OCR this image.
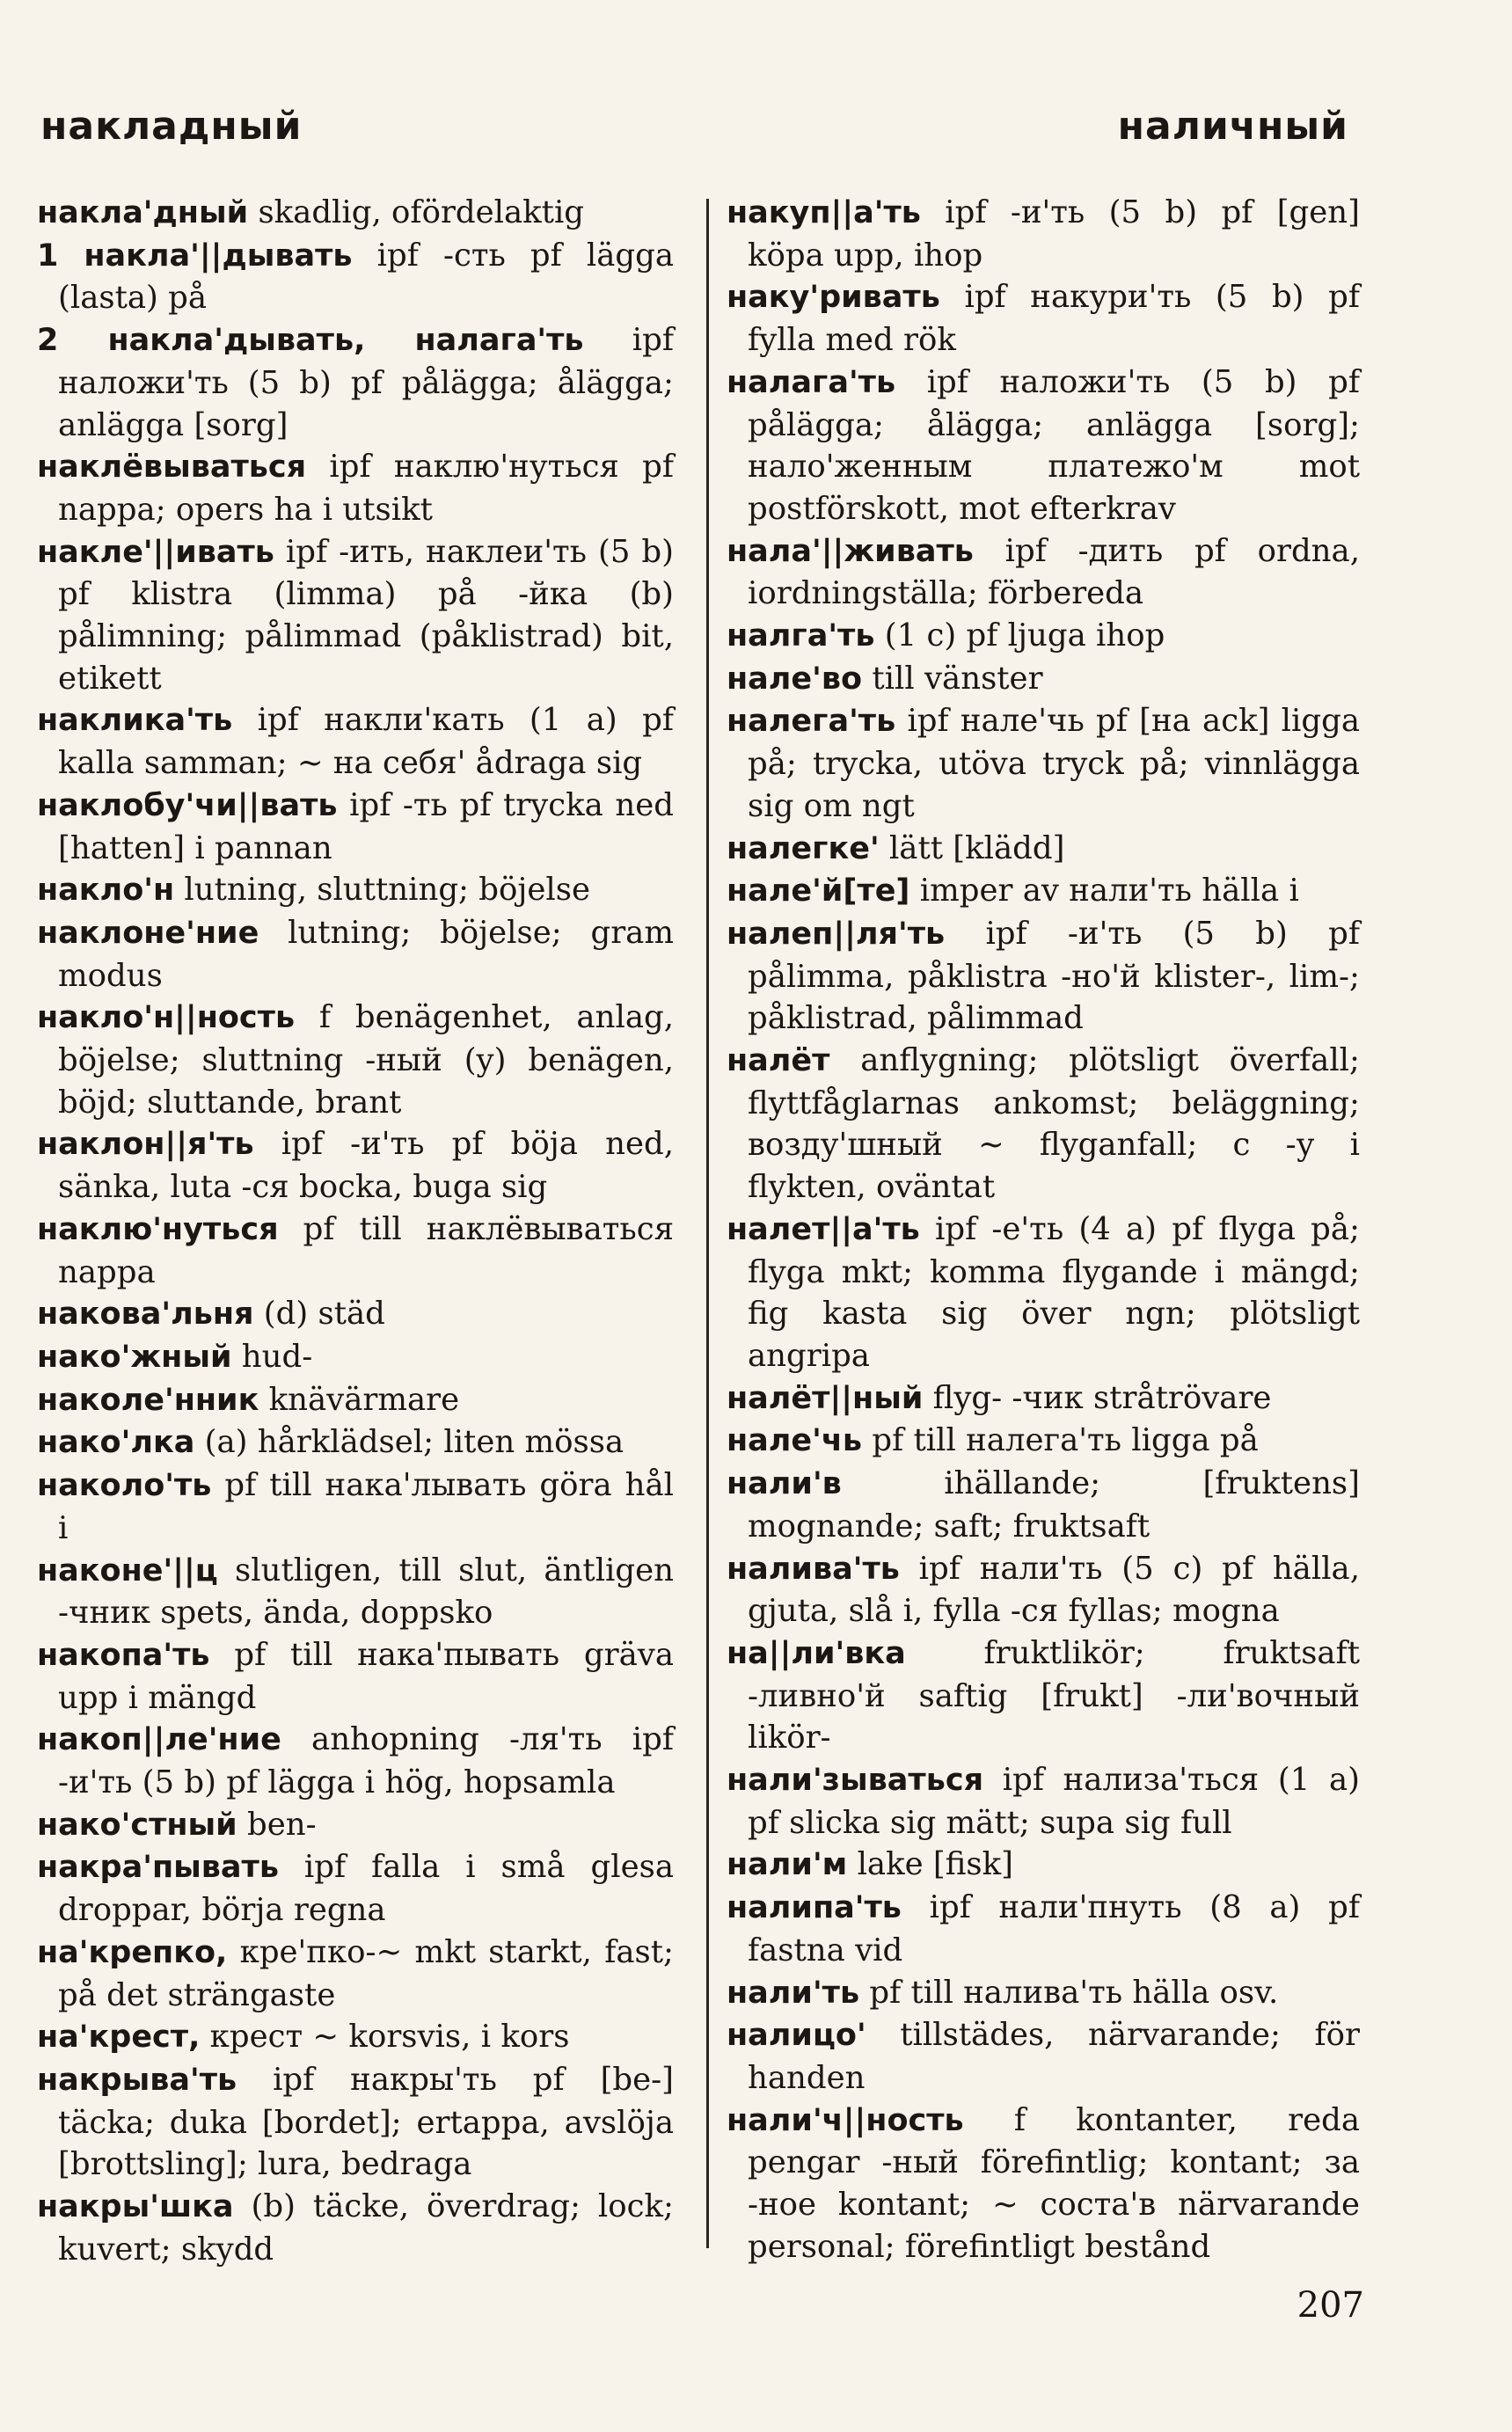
накладный	наличный
накла'дный skadlig, ofördelaktig
1 накла'||дывать ipf -сть pf lägga (lasta) på
2 накла'дывать, налага'ть ipf наложи'ть (5 b) pf pålägga; ålägga; anlägga [sorg]
наклёвываться ipf наклю'нуться pf nappa; opers ha i utsikt
накле'||ивать ipf -ить, наклеи'ть (5 b) pf klistra (limma) på -йка (b) pålimning; pålimmad (påklistrad) bit, etikett
наклика'ть ipf накли'кать (1 a) pf kalla samman; ~ на себя' ådraga sig
наклобу'чи||вать ipf -ть pf trycka ned [hatten] i pannan
накло'н lutning, sluttning; böjelse
наклоне'ние lutning; böjelse; gram modus
накло'н||ность f benägenhet, anlag, böjelse; sluttning -ный (y) benägen, böjd; sluttande, brant
наклон||я'ть ipf -и'ть pf böja ned, sänka, luta -ся bocka, buga sig
наклю'нуться pf till наклёвываться nappa
накова'льня (d) städ
нако'жный hud-
наколе'нник knävärmare
нако'лка (a) hårklädsel; liten mössa
наколо'ть pf till нака'лывать göra hål i
наконе'||ц slutligen, till slut, äntligen -чник spets, ända, doppsko
накопа'ть pf till нака'пывать gräva upp i mängd
накоп||ле'ние anhopning -ля'ть ipf -и'ть (5 b) pf lägga i hög, hopsamla
нако'стный ben-
накра'пывать ipf falla i små glesa droppar, börja regna
на'крепко, кре'пко-~ mkt starkt, fast; på det strängaste
на'крест, крест ~ korsvis, i kors
накрыва'ть ipf накры'ть pf [be-] täcka; duka [bordet]; ertappa, avslöja [brottsling]; lura, bedraga
накры'шка (b) täcke, överdrag; lock; kuvert; skydd
накуп||а'ть ipf -и'ть (5 b) pf [gen] köpa upp, ihop
наку'ривать ipf накури'ть (5 b) pf fylla med rök
налага'ть ipf наложи'ть (5 b) pf pålägga; ålägga; anlägga [sorg]; нало'женным платежо'м mot postförskott, mot efterkrav
нала'||живать ipf -дить pf ordna, iordningställa; förbereda
налга'ть (1 c) pf ljuga ihop
нале'во till vänster
налега'ть ipf нале'чь pf [на ack] ligga på; trycka, utöva tryck på; vinnlägga sig om ngt
налегке' lätt [klädd]
нале'й[те] imper av нали'ть hälla i
налеп||ля'ть ipf -и'ть (5 b) pf pålimma, påklistra -но'й klister-, lim-; påklistrad, pålimmad
налёт anflygning; plötsligt överfall; flyttfåglarnas ankomst; beläggning; возду'шный ~ flyganfall; с -у i flykten, oväntat
налет||а'ть ipf -е'ть (4 a) pf flyga på; flyga mkt; komma flygande i mängd; fig kasta sig över ngn; plötsligt angripa
налёт||ный flyg- -чик stråtrövare
нале'чь pf till налега'ть ligga på
нали'в ihällande; [fruktens] mognande; saft; fruktsaft
налива'ть ipf нали'ть (5 c) pf hälla, gjuta, slå i, fylla -ся fyllas; mogna
на||ли'вка fruktlikör; fruktsaft -ливно'й saftig [frukt] -ли'вочный likör-
нали'зываться ipf нализа'ться (1 a) pf slicka sig mätt; supa sig full
нали'м lake [fisk]
налипа'ть ipf нали'пнуть (8 a) pf fastna vid
нали'ть pf till налива'ть hälla osv.
налицо' tillstädes, närvarande; för handen
нали'ч||ность f kontanter, reda pengar -ный förefintlig; kontant; за -ное kontant; ~ соста'в närvarande personal; förefintligt bestånd
207
